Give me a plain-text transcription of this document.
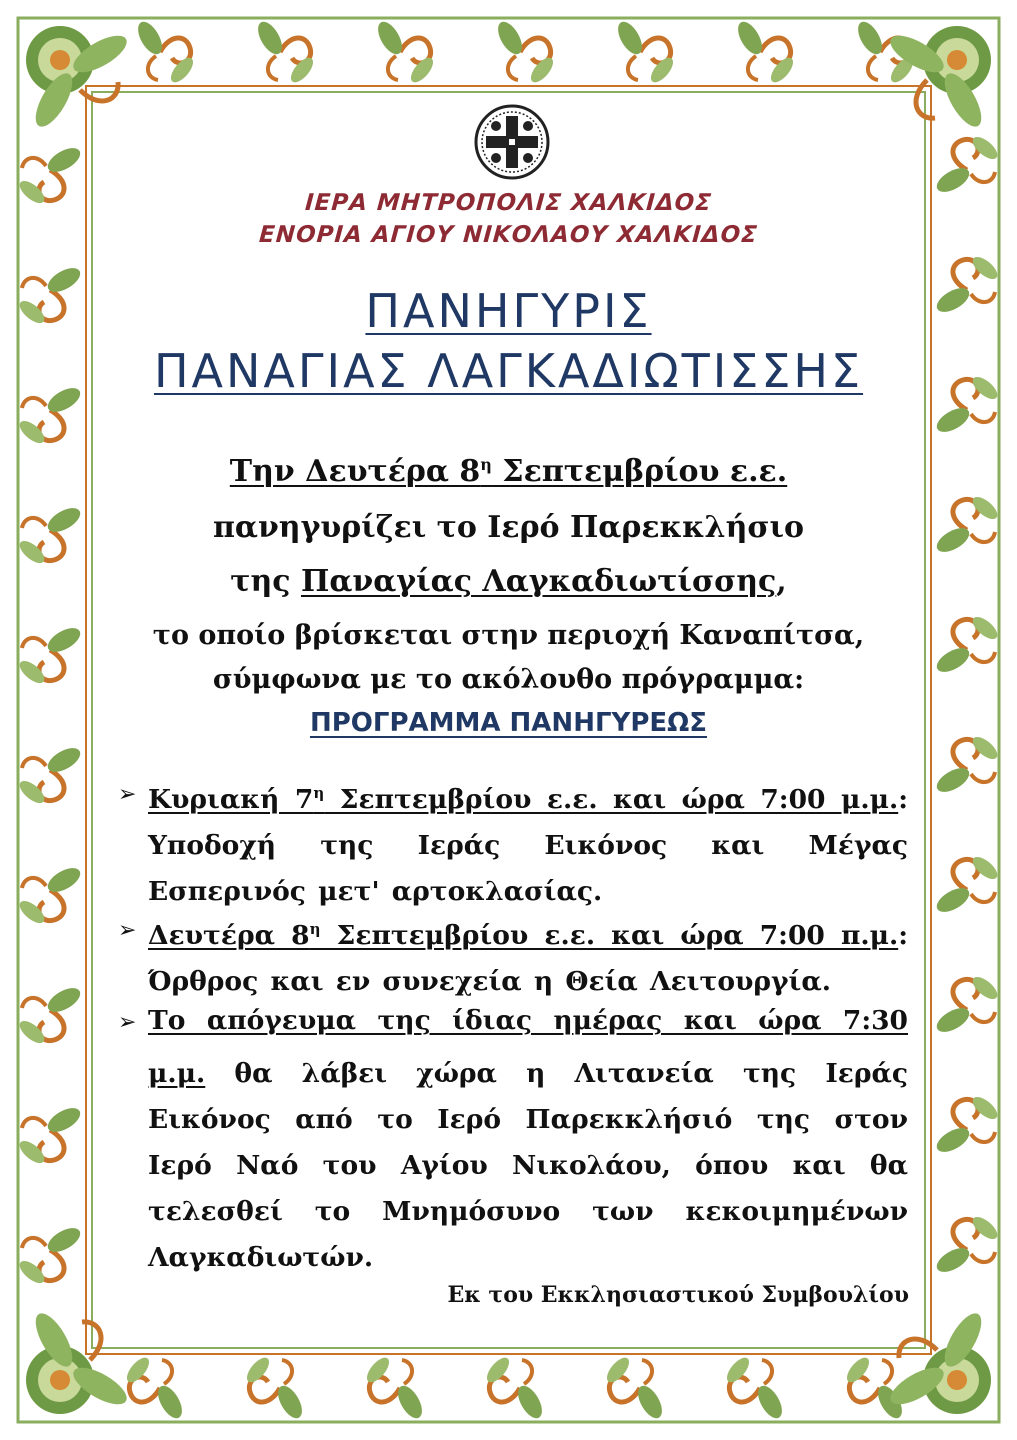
ΙΕΡΑ ΜΗΤΡΟΠΟΛΙΣ ΧΑΛΚΙΔΟΣ
ΕΝΟΡΙΑ ΑΓΙΟΥ ΝΙΚΟΛΑΟΥ ΧΑΛΚΙΔΟΣ
ΠΑΝΗΓΥΡΙΣ
ΠΑΝΑΓΙΑΣ ΛΑΓΚΑΔΙΩΤΙΣΣΗΣ
Την Δευτέρα $8^\eta$ Σεπτεμβρίου ε.ε.
πανηγυρίζει το Ιερό Παρεκκλήσιο
της Παναγίας Λαγκαδιωτίσσης,
το οποίο βρίσκεται στην περιοχή Καναπίτσα,
σύμφωνα με το ακόλουθο πρόγραμμα:
ΠΡΟΓΡΑΜΜΑ ΠΑΝΗΓΥΡΕΩΣ
➢ Κυριακή $7^\eta$ Σεπτεμβρίου ε.ε. και ώρα 7:00 μ.μ.: Υποδοχή της Ιεράς Εικόνος και Μέγας Εσπερινός μετ' αρτοκλασίας.
➢ Δευτέρα $8^\eta$ Σεπτεμβρίου ε.ε. και ώρα 7:00 π.μ.: Όρθρος και εν συνεχεία η Θεία Λειτουργία.
➢ Το απόγευμα της ίδιας ημέρας και ώρα 7:30 μ.μ. θα λάβει χώρα η Λιτανεία της Ιεράς Εικόνος από το Ιερό Παρεκκλήσιό της στον Ιερό Ναό του Αγίου Νικολάου, όπου και θα τελεσθεί το Μνημόσυνο των κεκοιμημένων Λαγκαδιωτών.
Εκ του Εκκλησιαστικού Συμβουλίου
